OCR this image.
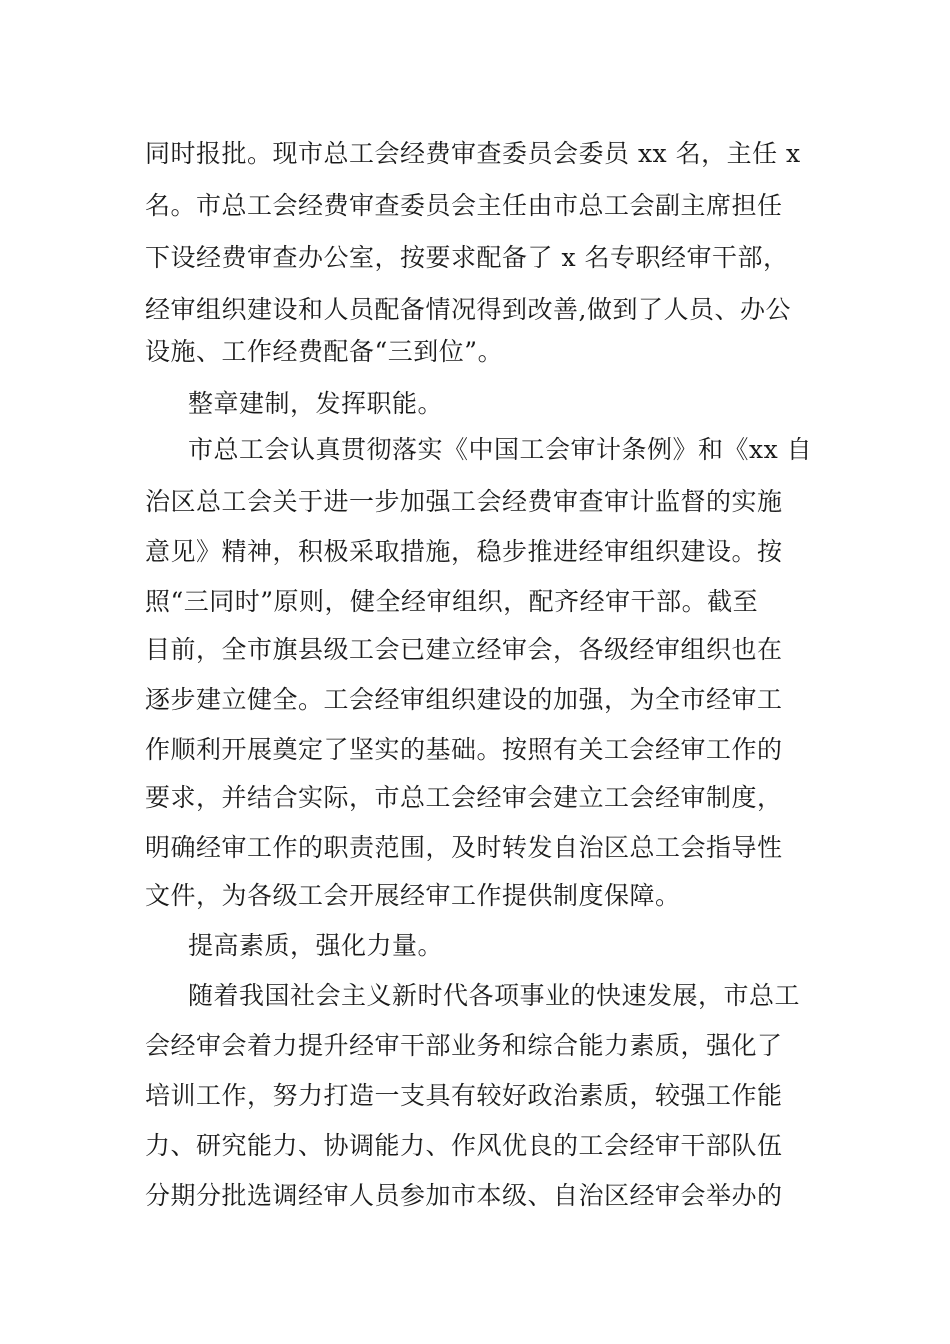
同时报批。现市总工会经费审查委员会委员 xx 名，主任 x
名。市总工会经费审查委员会主任由市总工会副主席担任
下设经费审查办公室，按要求配备了 x 名专职经审干部，
经审组织建设和人员配备情况得到改善,做到了人员、办公
设施、工作经费配备“三到位”。
整章建制，发挥职能。
市总工会认真贯彻落实《中国工会审计条例》和《xx 自
治区总工会关于进一步加强工会经费审查审计监督的实施
意见》精神，积极采取措施，稳步推进经审组织建设。按
照“三同时”原则，健全经审组织，配齐经审干部。截至
目前，全市旗县级工会已建立经审会，各级经审组织也在
逐步建立健全。工会经审组织建设的加强，为全市经审工
作顺利开展奠定了坚实的基础。按照有关工会经审工作的
要求，并结合实际，市总工会经审会建立工会经审制度，
明确经审工作的职责范围，及时转发自治区总工会指导性
文件，为各级工会开展经审工作提供制度保障。
提高素质，强化力量。
随着我国社会主义新时代各项事业的快速发展，市总工
会经审会着力提升经审干部业务和综合能力素质，强化了
培训工作，努力打造一支具有较好政治素质，较强工作能
力、研究能力、协调能力、作风优良的工会经审干部队伍
分期分批选调经审人员参加市本级、自治区经审会举办的
